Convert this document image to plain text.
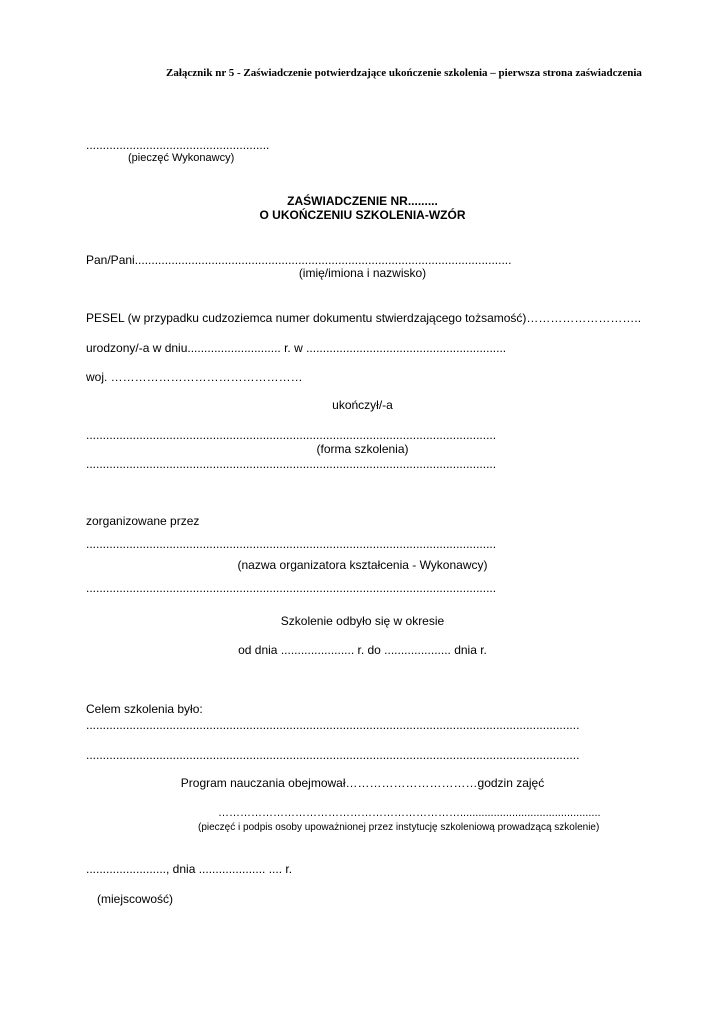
Załącznik nr 5 - Zaświadczenie potwierdzające ukończenie szkolenia – pierwsza strona zaświadczenia
.......................................................
(pieczęć Wykonawcy)
ZAŚWIADCZENIE NR.........
O UKOŃCZENIU SZKOLENIA-WZÓR
Pan/Pani.................................................................................................................
(imię/imiona i nazwisko)
PESEL (w przypadku cudzoziemca numer dokumentu stwierdzającego tożsamość)………………………..
urodzony/-a w dniu............................ r. w ............................................................
woj. …………………………………………
ukończył/-a
...........................................................................................................................
(forma szkolenia)
...........................................................................................................................
zorganizowane przez
...........................................................................................................................
(nazwa organizatora kształcenia - Wykonawcy)
...........................................................................................................................
Szkolenie odbyło się w okresie
od dnia ...................... r. do .................... dnia r.
Celem szkolenia było:
....................................................................................................................................................
....................................................................................................................................................
Program nauczania obejmował……………………………godzin zajęć
…………………………………………………………..............................................
(pieczęć i podpis osoby upoważnionej przez instytucję szkoleniową prowadzącą szkolenie)
........................, dnia .................... .... r.
(miejscowość)
